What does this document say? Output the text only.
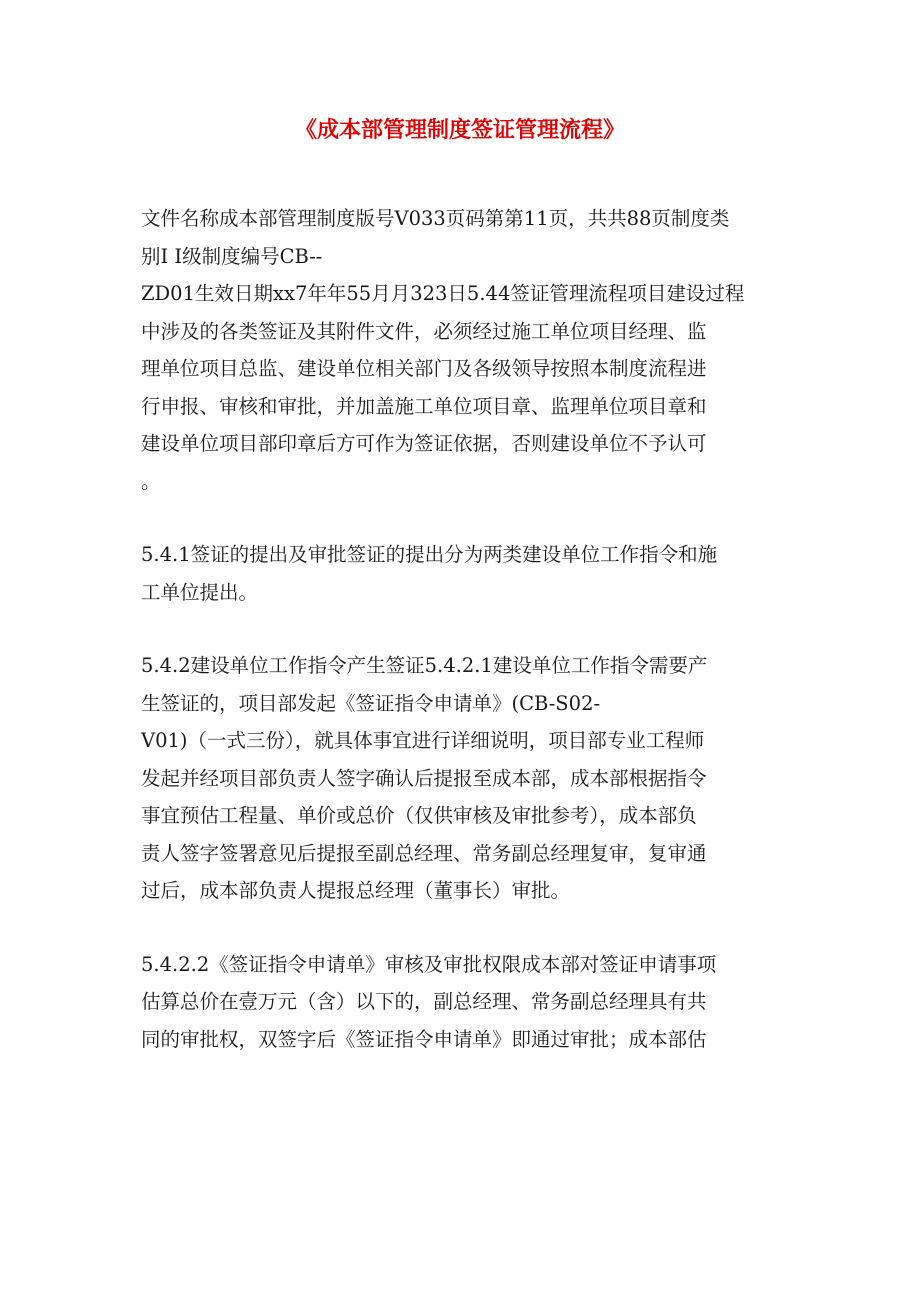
《成本部管理制度签证管理流程》

文件名称成本部管理制度版号V033页码第第11页，共共88页制度类
别I I级制度编号CB--
ZD01生效日期xx7年年55月月323日5.44签证管理流程项目建设过程
中涉及的各类签证及其附件文件，必须经过施工单位项目经理、监
理单位项目总监、建设单位相关部门及各级领导按照本制度流程进
行申报、审核和审批，并加盖施工单位项目章、监理单位项目章和
建设单位项目部印章后方可作为签证依据，否则建设单位不予认可
。

5.4.1签证的提出及审批签证的提出分为两类建设单位工作指令和施
工单位提出。

5.4.2建设单位工作指令产生签证5.4.2.1建设单位工作指令需要产
生签证的，项目部发起《签证指令申请单》(CB-S02-
V01)（一式三份），就具体事宜进行详细说明，项目部专业工程师
发起并经项目部负责人签字确认后提报至成本部，成本部根据指令
事宜预估工程量、单价或总价（仅供审核及审批参考），成本部负
责人签字签署意见后提报至副总经理、常务副总经理复审，复审通
过后，成本部负责人提报总经理（董事长）审批。

5.4.2.2《签证指令申请单》审核及审批权限成本部对签证申请事项
估算总价在壹万元（含）以下的，副总经理、常务副总经理具有共
同的审批权，双签字后《签证指令申请单》即通过审批；成本部估
